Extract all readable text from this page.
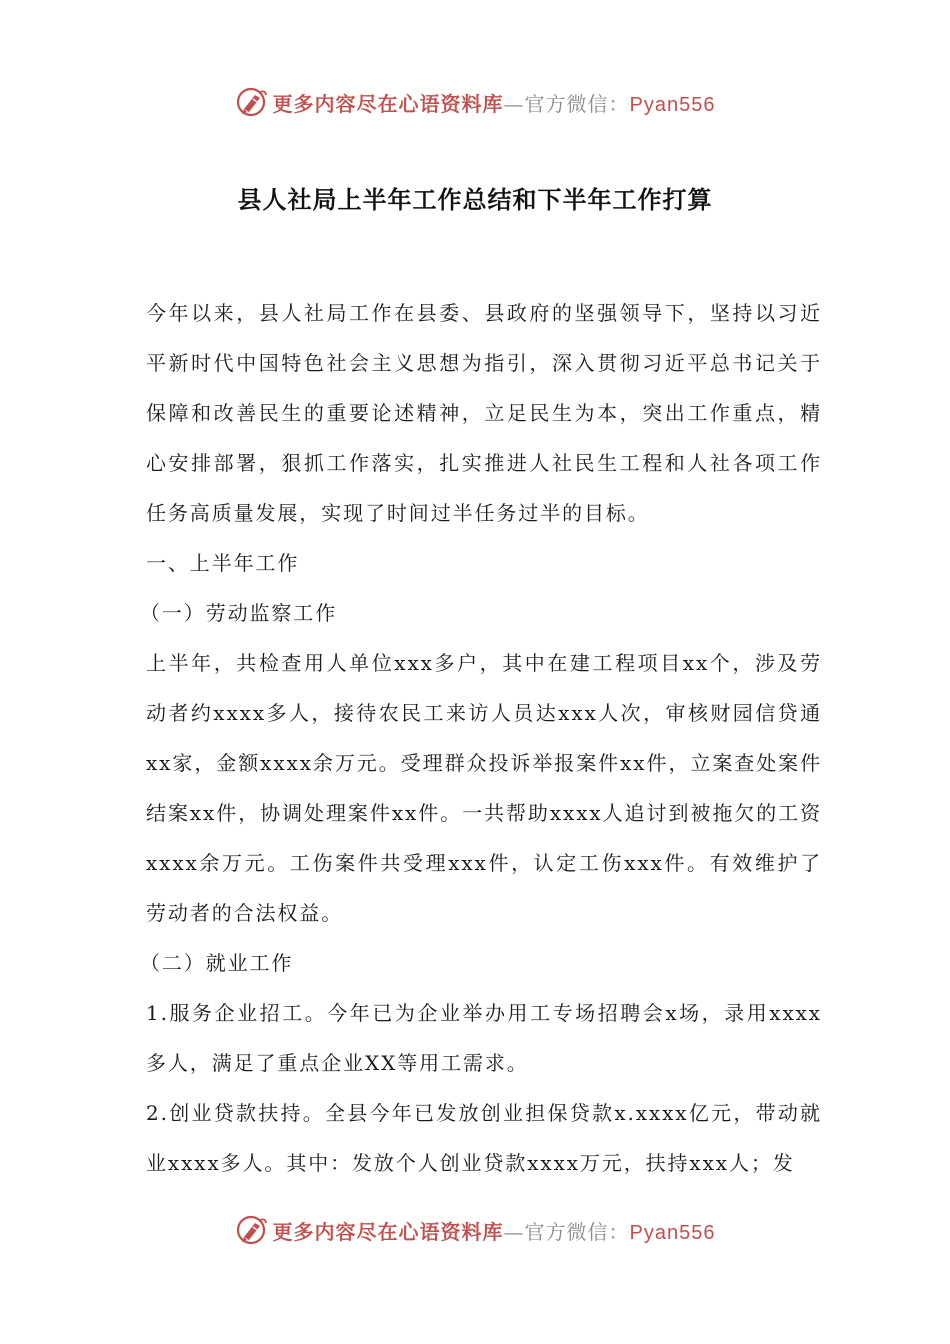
更多内容尽在心语资料库—官方微信：Pyan556
县人社局上半年工作总结和下半年工作打算

今年以来，县人社局工作在县委、县政府的坚强领导下，坚持以习近平新时代中国特色社会主义思想为指引，深入贯彻习近平总书记关于保障和改善民生的重要论述精神，立足民生为本，突出工作重点，精心安排部署，狠抓工作落实，扎实推进人社民生工程和人社各项工作任务高质量发展，实现了时间过半任务过半的目标。

一、上半年工作

（一）劳动监察工作

上半年，共检查用人单位xxx多户，其中在建工程项目xx个，涉及劳动者约xxxx多人，接待农民工来访人员达xxx人次，审核财园信贷通xx家，金额xxxx余万元。受理群众投诉举报案件xx件，立案查处案件结案xx件，协调处理案件xx件。一共帮助xxxx人追讨到被拖欠的工资xxxx余万元。工伤案件共受理xxx件，认定工伤xxx件。有效维护了劳动者的合法权益。

（二）就业工作

1.服务企业招工。今年已为企业举办用工专场招聘会x场，录用xxxx多人，满足了重点企业XX等用工需求。

2.创业贷款扶持。全县今年已发放创业担保贷款x.xxxx亿元，带动就业xxxx多人。其中：发放个人创业贷款xxxx万元，扶持xxx人；发

更多内容尽在心语资料库—官方微信：Pyan556
